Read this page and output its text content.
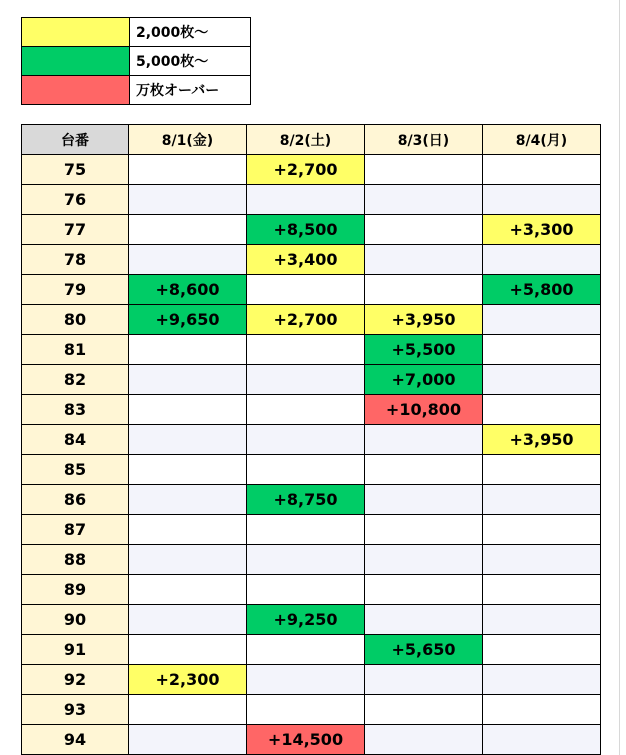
	2,000枚～
	5,000枚～
	万枚オーバー
台番	8/1(金)	8/2(土)	8/3(日)	8/4(月)
75		+2,700		
76				
77		+8,500		+3,300
78		+3,400		
79	+8,600			+5,800
80	+9,650	+2,700	+3,950	
81			+5,500	
82			+7,000	
83			+10,800	
84				+3,950
85				
86		+8,750		
87				
88				
89				
90		+9,250		
91			+5,650	
92	+2,300			
93				
94		+14,500		
